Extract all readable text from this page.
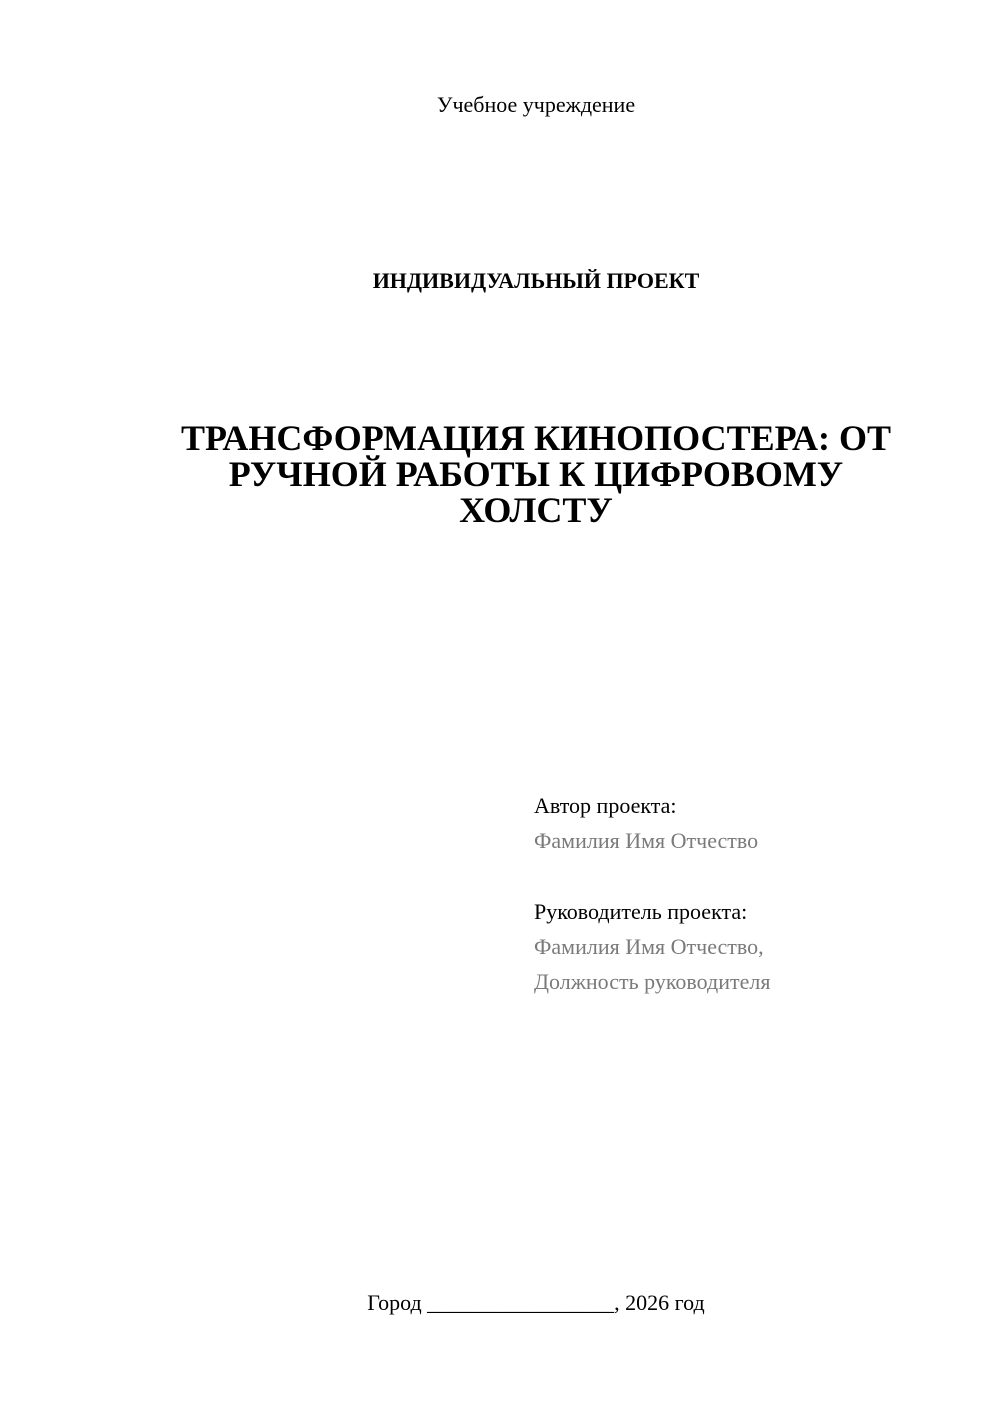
Учебное учреждение
ИНДИВИДУАЛЬНЫЙ ПРОЕКТ
ТРАНСФОРМАЦИЯ КИНОПОСТЕРА: ОТ
РУЧНОЙ РАБОТЫ К ЦИФРОВОМУ
ХОЛСТУ
Автор проекта:
Фамилия Имя Отчество
Руководитель проекта:
Фамилия Имя Отчество,
Должность руководителя
Город _________________, 2026 год
